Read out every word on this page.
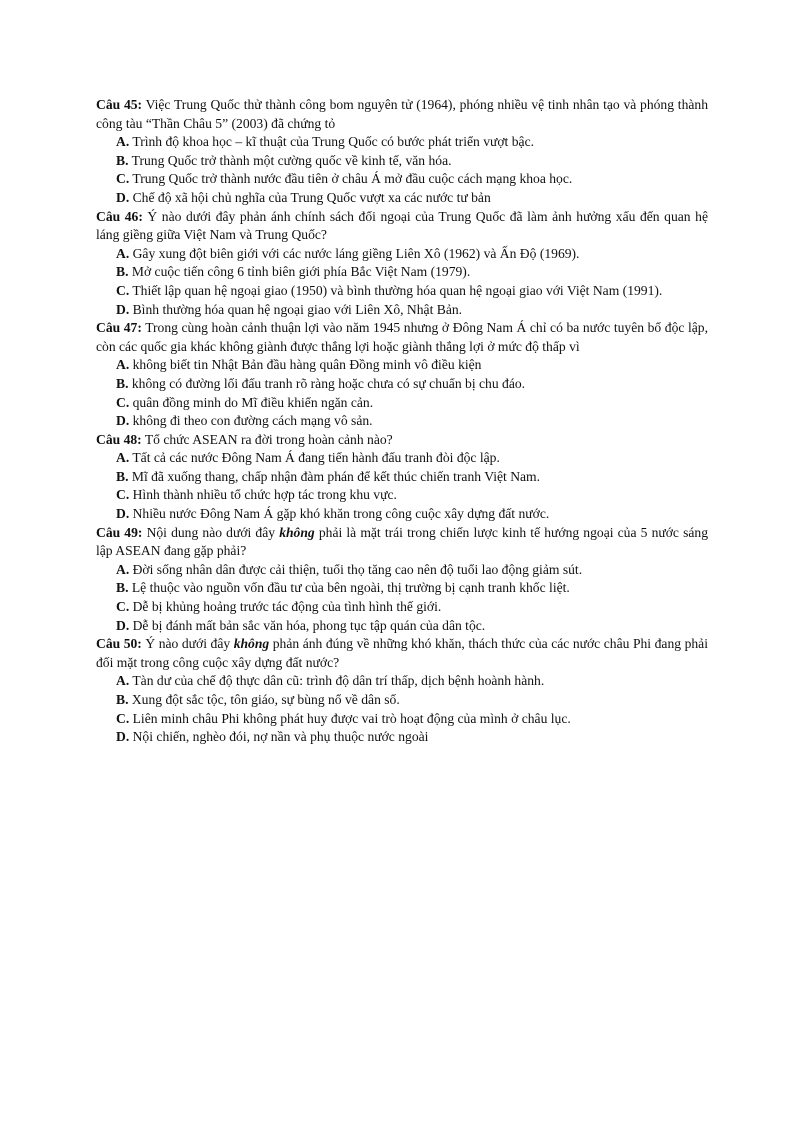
Câu 45: Việc Trung Quốc thử thành công bom nguyên tử (1964), phóng nhiều vệ tinh nhân tạo và phóng thành công tàu “Thần Châu 5” (2003) đã chứng tỏ
A. Trình độ khoa học – kĩ thuật của Trung Quốc có bước phát triển vượt bậc.
B. Trung Quốc trở thành một cường quốc về kinh tế, văn hóa.
C. Trung Quốc trở thành nước đầu tiên ở châu Á mở đầu cuộc cách mạng khoa học.
D. Chế độ xã hội chủ nghĩa của Trung Quốc vượt xa các nước tư bản
Câu 46: Ý nào dưới đây phản ánh chính sách đối ngoại của Trung Quốc đã làm ảnh hưởng xấu đến quan hệ láng giềng giữa Việt Nam và Trung Quốc?
A. Gây xung đột biên giới với các nước láng giềng Liên Xô (1962) và Ấn Độ (1969).
B. Mở cuộc tiến công 6 tỉnh biên giới phía Bắc Việt Nam (1979).
C. Thiết lập quan hệ ngoại giao (1950) và bình thường hóa quan hệ ngoại giao với Việt Nam (1991).
D. Bình thường hóa quan hệ ngoại giao với Liên Xô, Nhật Bản.
Câu 47: Trong cùng hoàn cảnh thuận lợi vào năm 1945 nhưng ở Đông Nam Á chỉ có ba nước tuyên bố độc lập, còn các quốc gia khác không giành được thắng lợi hoặc giành thắng lợi ở mức độ thấp vì
A. không biết tin Nhật Bản đầu hàng quân Đồng minh vô điều kiện
B. không có đường lối đấu tranh rõ ràng hoặc chưa có sự chuẩn bị chu đáo.
C. quân đồng minh do Mĩ điều khiển ngăn cản.
D. không đi theo con đường cách mạng vô sản.
Câu 48: Tổ chức ASEAN ra đời trong hoàn cảnh nào?
A. Tất cả các nước Đông Nam Á đang tiến hành đấu tranh đòi độc lập.
B. Mĩ đã xuống thang, chấp nhận đàm phán để kết thúc chiến tranh Việt Nam.
C. Hình thành nhiều tổ chức hợp tác trong khu vực.
D. Nhiều nước Đông Nam Á gặp khó khăn trong công cuộc xây dựng đất nước.
Câu 49: Nội dung nào dưới đây không phải là mặt trái trong chiến lược kinh tế hướng ngoại của 5 nước sáng lập ASEAN đang gặp phải?
A. Đời sống nhân dân được cải thiện, tuổi thọ tăng cao nên độ tuổi lao động giảm sút.
B. Lệ thuộc vào nguồn vốn đầu tư của bên ngoài, thị trường bị cạnh tranh khốc liệt.
C. Dễ bị khủng hoảng trước tác động của tình hình thế giới.
D. Dễ bị đánh mất bản sắc văn hóa, phong tục tập quán của dân tộc.
Câu 50: Ý nào dưới đây không phản ánh đúng về những khó khăn, thách thức của các nước châu Phi đang phải đối mặt trong công cuộc xây dựng đất nước?
A. Tàn dư của chế độ thực dân cũ: trình độ dân trí thấp, dịch bệnh hoành hành.
B. Xung đột sắc tộc, tôn giáo, sự bùng nổ về dân số.
C. Liên minh châu Phi không phát huy được vai trò hoạt động của mình ở châu lục.
D. Nội chiến, nghèo đói, nợ nần và phụ thuộc nước ngoài
